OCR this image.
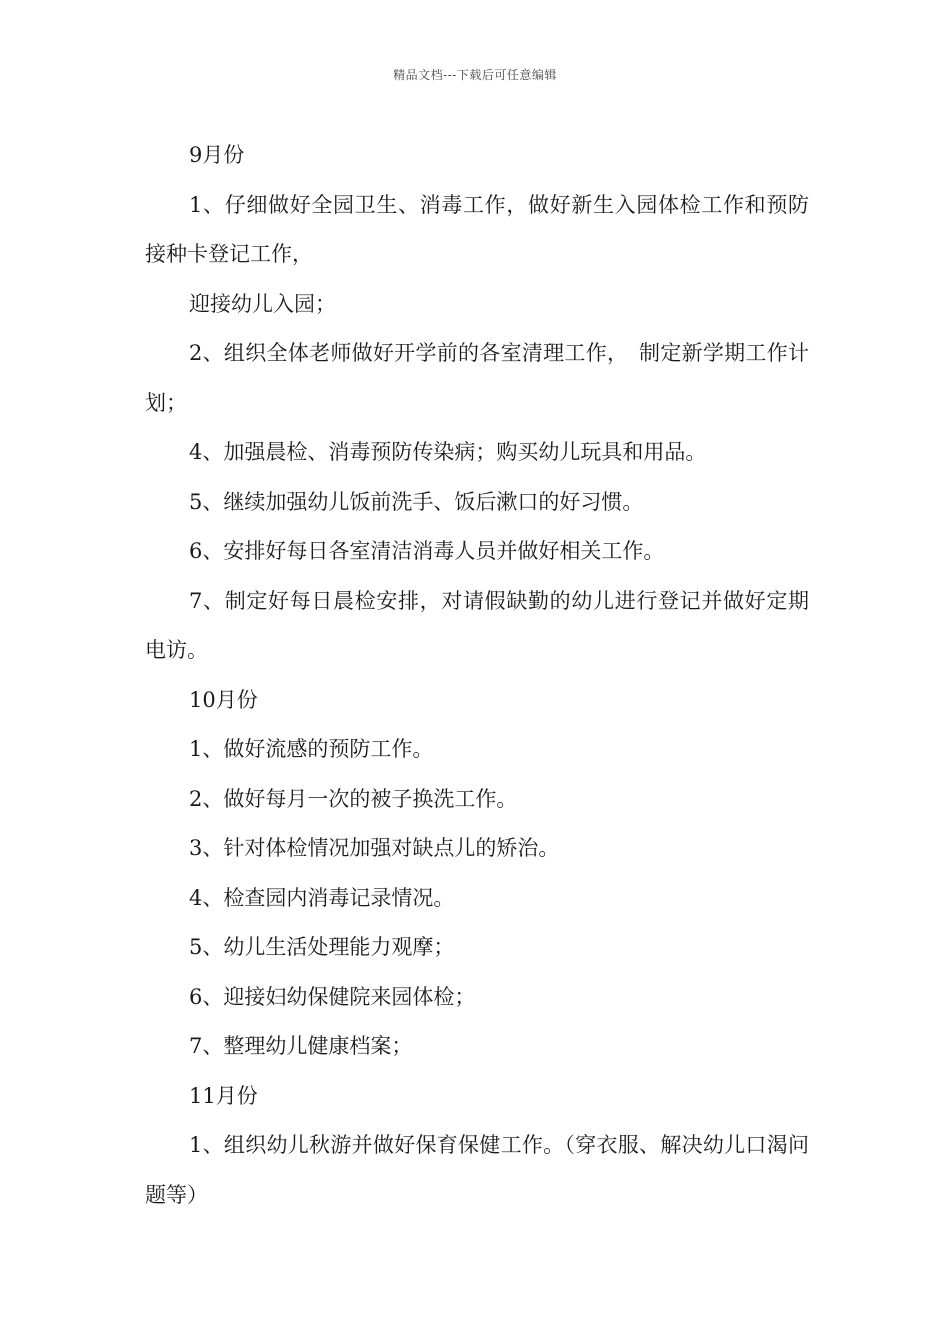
精品文档---下载后可任意编辑

9月份

1、仔细做好全园卫生、消毒工作，做好新生入园体检工作和预防接种卡登记工作，

迎接幼儿入园；

2、组织全体老师做好开学前的各室清理工作，　制定新学期工作计划；

4、加强晨检、消毒预防传染病；购买幼儿玩具和用品。

5、继续加强幼儿饭前洗手、饭后漱口的好习惯。

6、安排好每日各室清洁消毒人员并做好相关工作。

7、制定好每日晨检安排，对请假缺勤的幼儿进行登记并做好定期电访。

10月份

1、做好流感的预防工作。

2、做好每月一次的被子换洗工作。

3、针对体检情况加强对缺点儿的矫治。

4、检查园内消毒记录情况。

5、幼儿生活处理能力观摩；

6、迎接妇幼保健院来园体检；

7、整理幼儿健康档案；

11月份

1、组织幼儿秋游并做好保育保健工作。（穿衣服、解决幼儿口渴问题等）
